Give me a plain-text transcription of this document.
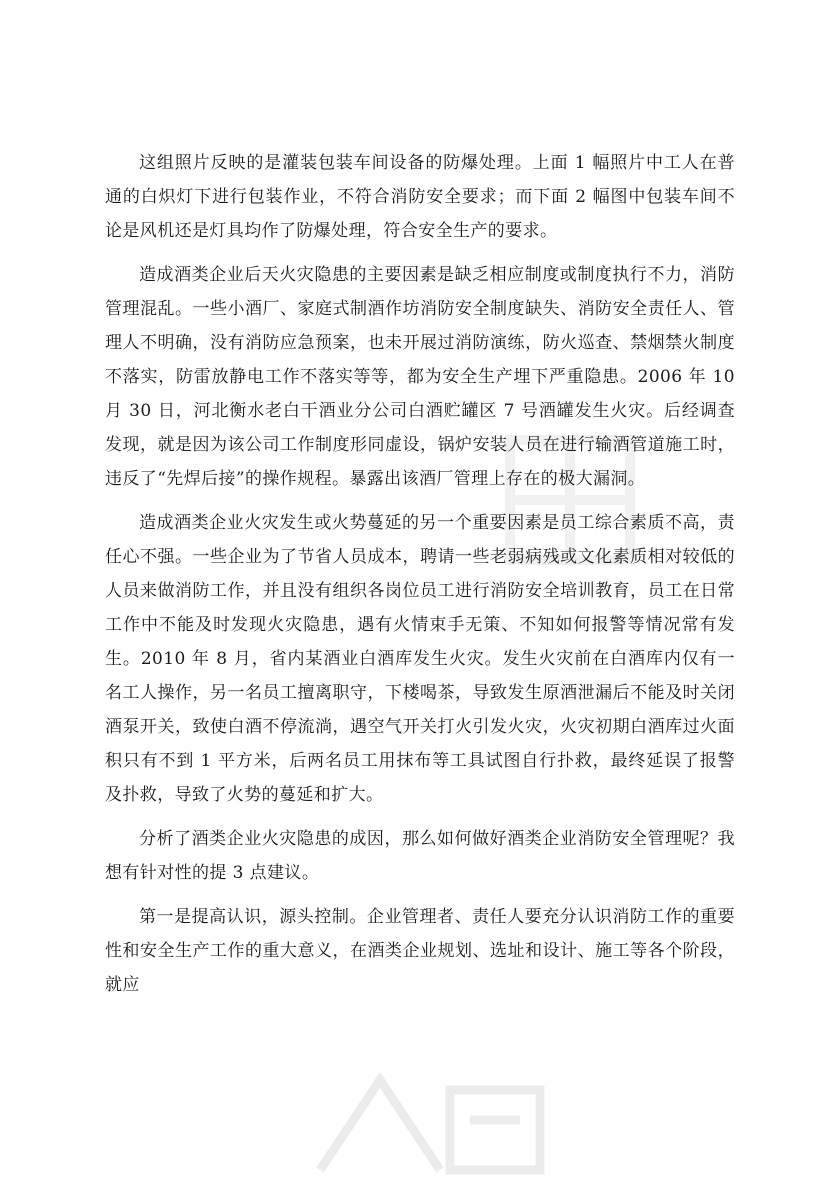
这组照片反映的是灌装包装车间设备的防爆处理。上面 1 幅照片中工人在普通的白炽灯下进行包装作业，不符合消防安全要求；而下面 2 幅图中包装车间不论是风机还是灯具均作了防爆处理，符合安全生产的要求。

造成酒类企业后天火灾隐患的主要因素是缺乏相应制度或制度执行不力，消防管理混乱。一些小酒厂、家庭式制酒作坊消防安全制度缺失、消防安全责任人、管理人不明确，没有消防应急预案，也未开展过消防演练，防火巡查、禁烟禁火制度不落实，防雷放静电工作不落实等等，都为安全生产埋下严重隐患。2006 年 10 月 30 日，河北衡水老白干酒业分公司白酒贮罐区 7 号酒罐发生火灾。后经调查发现，就是因为该公司工作制度形同虚设，锅炉安装人员在进行输酒管道施工时，违反了“先焊后接”的操作规程。暴露出该酒厂管理上存在的极大漏洞。

造成酒类企业火灾发生或火势蔓延的另一个重要因素是员工综合素质不高，责任心不强。一些企业为了节省人员成本，聘请一些老弱病残或文化素质相对较低的人员来做消防工作，并且没有组织各岗位员工进行消防安全培训教育，员工在日常工作中不能及时发现火灾隐患，遇有火情束手无策、不知如何报警等情况常有发生。2010 年 8 月，省内某酒业白酒库发生火灾。发生火灾前在白酒库内仅有一名工人操作，另一名员工擅离职守，下楼喝茶，导致发生原酒泄漏后不能及时关闭酒泵开关，致使白酒不停流淌，遇空气开关打火引发火灾，火灾初期白酒库过火面积只有不到 1 平方米，后两名员工用抹布等工具试图自行扑救，最终延误了报警及扑救，导致了火势的蔓延和扩大。

分析了酒类企业火灾隐患的成因，那么如何做好酒类企业消防安全管理呢？我想有针对性的提 3 点建议。

第一是提高认识，源头控制。企业管理者、责任人要充分认识消防工作的重要性和安全生产工作的重大意义，在酒类企业规划、选址和设计、施工等各个阶段，就应
